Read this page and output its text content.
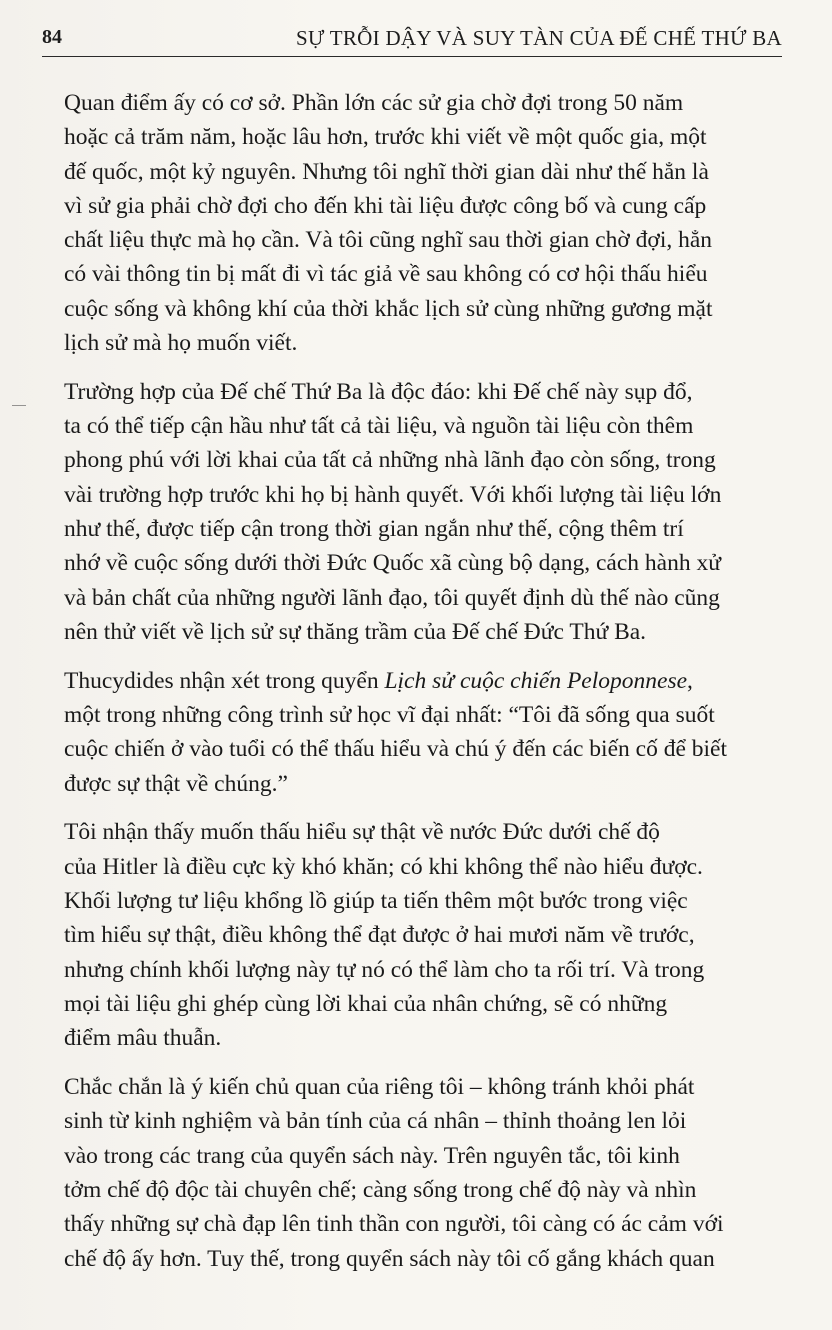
84	SỰ TRỖI DẬY VÀ SUY TÀN CỦA ĐẾ CHẾ THỨ BA

Quan điểm ấy có cơ sở. Phần lớn các sử gia chờ đợi trong 50 năm
hoặc cả trăm năm, hoặc lâu hơn, trước khi viết về một quốc gia, một
đế quốc, một kỷ nguyên. Nhưng tôi nghĩ thời gian dài như thế hẳn là
vì sử gia phải chờ đợi cho đến khi tài liệu được công bố và cung cấp
chất liệu thực mà họ cần. Và tôi cũng nghĩ sau thời gian chờ đợi, hẳn
có vài thông tin bị mất đi vì tác giả về sau không có cơ hội thấu hiểu
cuộc sống và không khí của thời khắc lịch sử cùng những gương mặt
lịch sử mà họ muốn viết.

Trường hợp của Đế chế Thứ Ba là độc đáo: khi Đế chế này sụp đổ,
ta có thể tiếp cận hầu như tất cả tài liệu, và nguồn tài liệu còn thêm
phong phú với lời khai của tất cả những nhà lãnh đạo còn sống, trong
vài trường hợp trước khi họ bị hành quyết. Với khối lượng tài liệu lớn
như thế, được tiếp cận trong thời gian ngắn như thế, cộng thêm trí
nhớ về cuộc sống dưới thời Đức Quốc xã cùng bộ dạng, cách hành xử
và bản chất của những người lãnh đạo, tôi quyết định dù thế nào cũng
nên thử viết về lịch sử sự thăng trầm của Đế chế Đức Thứ Ba.

Thucydides nhận xét trong quyển Lịch sử cuộc chiến Peloponnese,
một trong những công trình sử học vĩ đại nhất: “Tôi đã sống qua suốt
cuộc chiến ở vào tuổi có thể thấu hiểu và chú ý đến các biến cố để biết
được sự thật về chúng.”

Tôi nhận thấy muốn thấu hiểu sự thật về nước Đức dưới chế độ
của Hitler là điều cực kỳ khó khăn; có khi không thể nào hiểu được.
Khối lượng tư liệu khổng lồ giúp ta tiến thêm một bước trong việc
tìm hiểu sự thật, điều không thể đạt được ở hai mươi năm về trước,
nhưng chính khối lượng này tự nó có thể làm cho ta rối trí. Và trong
mọi tài liệu ghi ghép cùng lời khai của nhân chứng, sẽ có những
điểm mâu thuẫn.

Chắc chắn là ý kiến chủ quan của riêng tôi – không tránh khỏi phát
sinh từ kinh nghiệm và bản tính của cá nhân – thỉnh thoảng len lỏi
vào trong các trang của quyển sách này. Trên nguyên tắc, tôi kinh
tởm chế độ độc tài chuyên chế; càng sống trong chế độ này và nhìn
thấy những sự chà đạp lên tinh thần con người, tôi càng có ác cảm với
chế độ ấy hơn. Tuy thế, trong quyển sách này tôi cố gắng khách quan
